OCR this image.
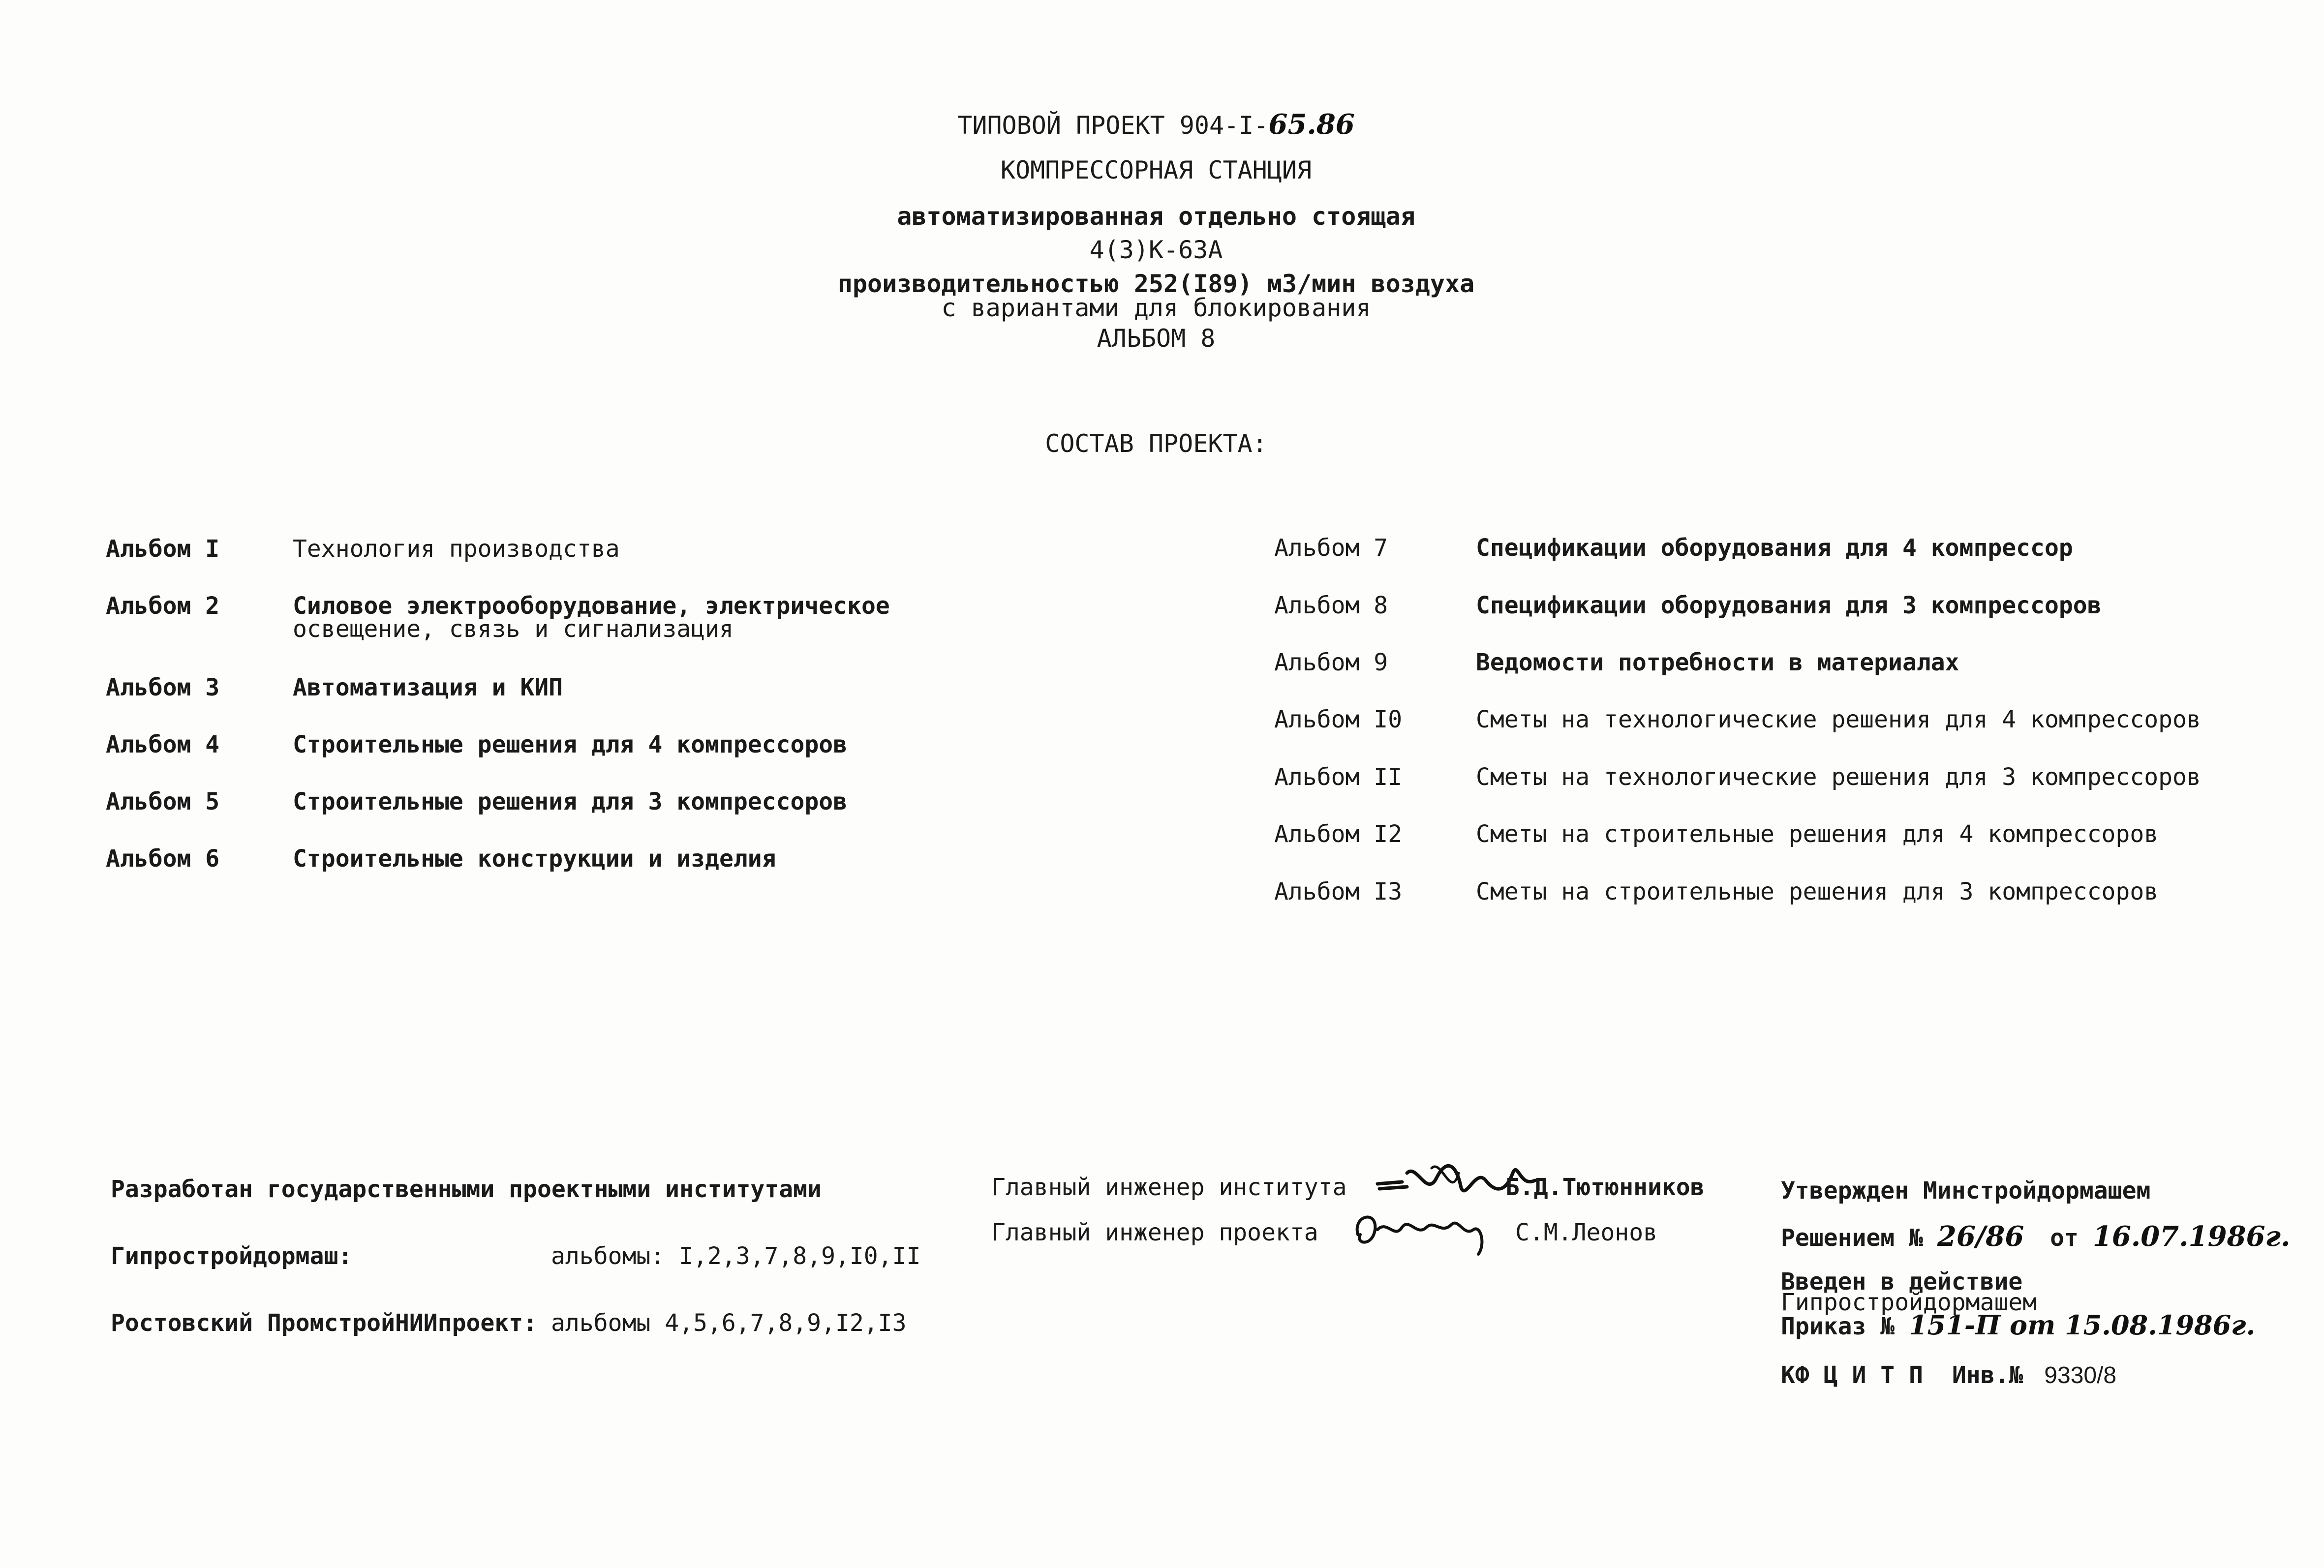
ТИПОВОЙ ПРОЕКТ 904-I-65.86
КОМПРЕССОРНАЯ СТАНЦИЯ
автоматизированная отдельно стоящая
4(3)К-63А
производительностью 252(I89) м3/мин воздуха
с вариантами для блокирования
АЛЬБОМ 8
СОСТАВ ПРОЕКТА:
Альбом I	Технология производства
Альбом 2	Силовое электрооборудование, электрическое
освещение, связь и сигнализация
Альбом 3	Автоматизация и КИП
Альбом 4	Строительные решения для 4 компрессоров
Альбом 5	Строительные решения для 3 компрессоров
Альбом 6	Строительные конструкции и изделия
Альбом 7	Спецификации оборудования для 4 компрессор
Альбом 8	Спецификации оборудования для 3 компрессоров
Альбом 9	Ведомости потребности в материалах
Альбом I0	Сметы на технологические решения для 4 компрессоров
Альбом II	Сметы на технологические решения для 3 компрессоров
Альбом I2	Сметы на строительные решения для 4 компрессоров
Альбом I3	Сметы на строительные решения для 3 компрессоров
Разработан государственными проектными институтами
Гипростройдормаш:	альбомы: I,2,3,7,8,9,I0,II
Ростовский ПромстройНИИпроект: альбомы 4,5,6,7,8,9,I2,I3
Главный инженер института	Б.Д.Тютюнников
Главный инженер проекта	С.М.Леонов
Утвержден Минстройдормашем
Решением № 26/86 от 16.07.1986г.
Введен в действие
Гипростройдормашем
Приказ № 151-П от 15.08.1986г.
КФ Ц И Т П Инв.№ 9330/8
